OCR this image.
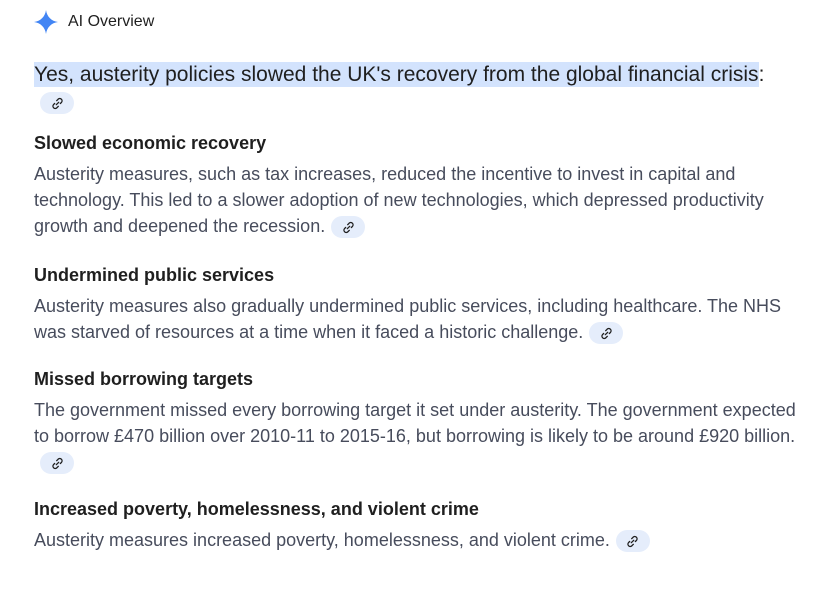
AI Overview
Yes, austerity policies slowed the UK's recovery from the global financial crisis:
Slowed economic recovery
Austerity measures, such as tax increases, reduced the incentive to invest in capital and technology. This led to a slower adoption of new technologies, which depressed productivity growth and deepened the recession.
Undermined public services
Austerity measures also gradually undermined public services, including healthcare. The NHS was starved of resources at a time when it faced a historic challenge.
Missed borrowing targets
The government missed every borrowing target it set under austerity. The government expected to borrow £470 billion over 2010-11 to 2015-16, but borrowing is likely to be around £920 billion.
Increased poverty, homelessness, and violent crime
Austerity measures increased poverty, homelessness, and violent crime.
